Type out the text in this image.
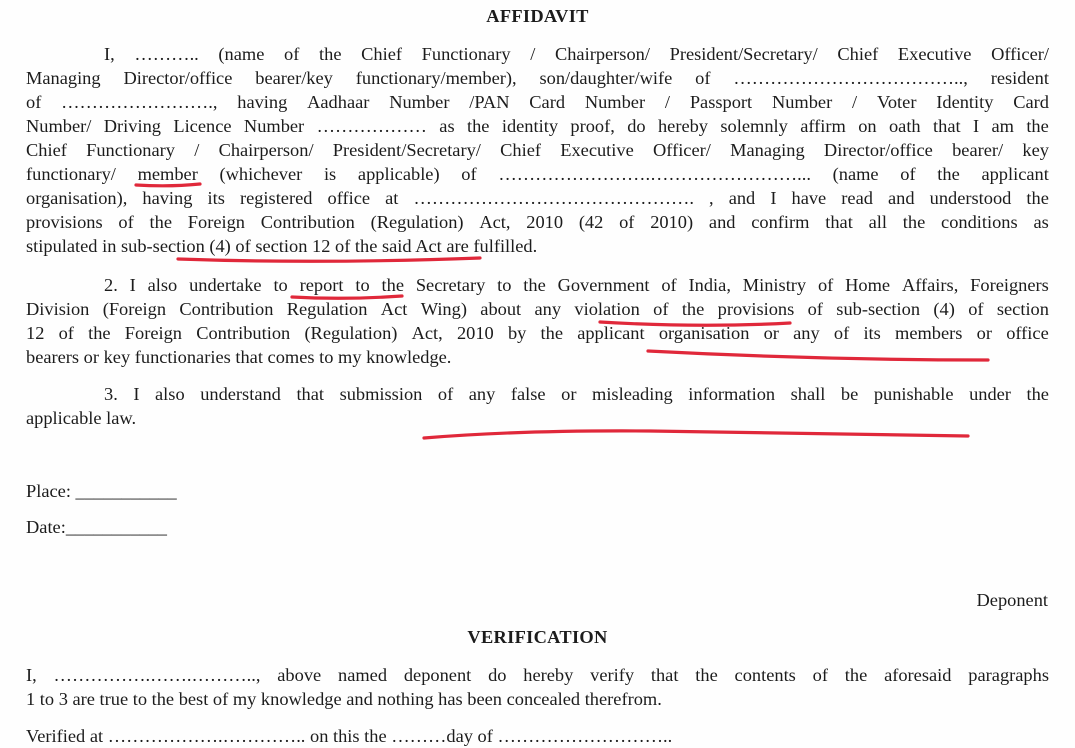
AFFIDAVIT
I, ……….. (name of the Chief Functionary / Chairperson/ President/Secretary/ Chief Executive Officer/
Managing Director/office bearer/key functionary/member), son/daughter/wife of ……………………………….., resident
of ……………………., having Aadhaar Number /PAN Card Number / Passport Number / Voter Identity Card
Number/ Driving Licence Number ……………… as the identity proof, do hereby solemnly affirm on oath that I am the
Chief Functionary / Chairperson/ President/Secretary/ Chief Executive Officer/ Managing Director/office bearer/ key
functionary/ member (whichever is applicable) of …………………….……………………... (name of the applicant
organisation), having its registered office at ………………………………………. , and I have read and understood the
provisions of the Foreign Contribution (Regulation) Act, 2010 (42 of 2010) and confirm that all the conditions as
stipulated in sub-section (4) of section 12 of the said Act are fulfilled.
2. I also undertake to report to the Secretary to the Government of India, Ministry of Home Affairs, Foreigners
Division (Foreign Contribution Regulation Act Wing) about any violation of the provisions of sub-section (4) of section
12 of the Foreign Contribution (Regulation) Act, 2010 by the applicant organisation or any of its members or office
bearers or key functionaries that comes to my knowledge.
3. I also understand that submission of any false or misleading information shall be punishable under the
applicable law.
Place: ___________
Date:___________
Deponent
VERIFICATION
I, …………….…….……….., above named deponent do hereby verify that the contents of the aforesaid paragraphs
1 to 3 are true to the best of my knowledge and nothing has been concealed therefrom.
Verified at ……………….………….. on this the ………day of ………………………..
